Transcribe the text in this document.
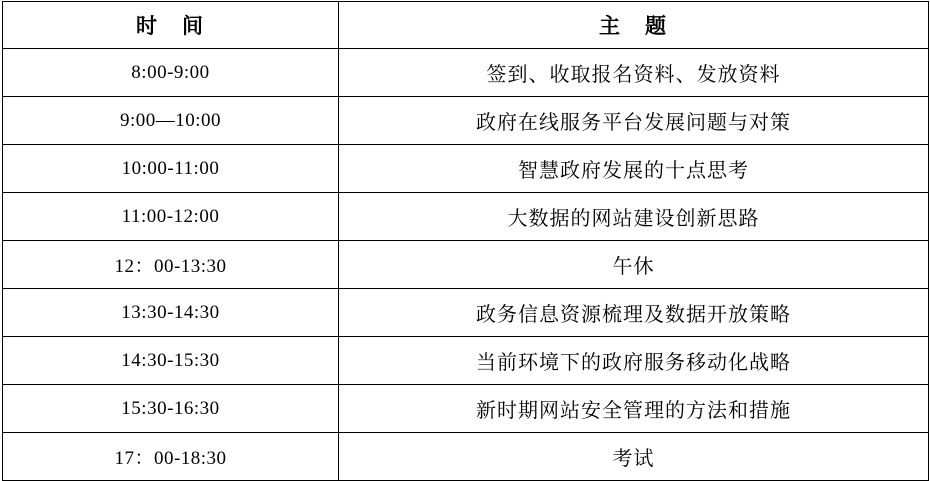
时　间	主　题
8:00-9:00	签到、收取报名资料、发放资料
9:00—10:00	政府在线服务平台发展问题与对策
10:00-11:00	智慧政府发展的十点思考
11:00-12:00	大数据的网站建设创新思路
12：00-13:30	午休
13:30-14:30	政务信息资源梳理及数据开放策略
14:30-15:30	当前环境下的政府服务移动化战略
15:30-16:30	新时期网站安全管理的方法和措施
17：00-18:30	考试
